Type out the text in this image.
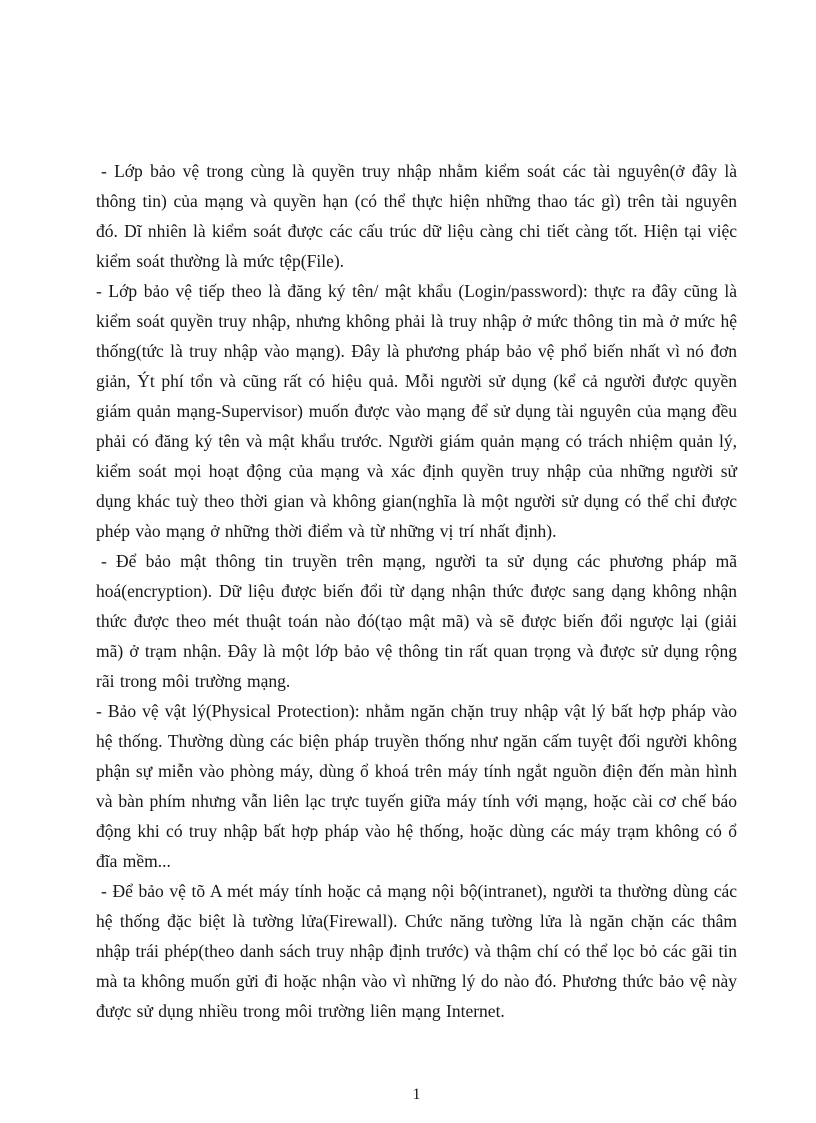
- Lớp bảo vệ trong cùng là quyền truy nhập nhằm kiểm soát các tài nguyên(ở đây là thông tin) của mạng và quyền hạn (có thể thực hiện những thao tác gì) trên tài nguyên đó. Dĩ nhiên là kiểm soát được các cấu trúc dữ liệu càng chi tiết càng tốt. Hiện tại việc kiểm soát thường là mức tệp(File).

- Lớp bảo vệ tiếp theo là đăng ký tên/ mật khẩu (Login/password): thực ra đây cũng là kiểm soát quyền truy nhập, nhưng không phải là truy nhập ở mức thông tin mà ở mức hệ thống(tức là truy nhập vào mạng). Đây là phương pháp bảo vệ phổ biến nhất vì nó đơn giản, Ýt phí tổn và cũng rất có hiệu quả. Mỗi người sử dụng (kể cả người được quyền giám quản mạng-Supervisor) muốn được vào mạng để sử dụng tài nguyên của mạng đều phải có đăng ký tên và mật khẩu trước. Người giám quản mạng có trách nhiệm quản lý, kiểm soát mọi hoạt động của mạng và xác định quyền truy nhập của những người sử dụng khác tuỳ theo thời gian và không gian(nghĩa là một người sử dụng có thể chỉ được phép vào mạng ở những thời điểm và từ những vị trí nhất định).

- Để bảo mật thông tin truyền trên mạng, người ta sử dụng các phương pháp mã hoá(encryption). Dữ liệu được biến đổi từ dạng nhận thức được sang dạng không nhận thức được theo mét thuật toán nào đó(tạo mật mã) và sẽ được biến đổi ngược lại (giải mã) ở trạm nhận. Đây là một lớp bảo vệ thông tin rất quan trọng và được sử dụng rộng rãi trong môi trường mạng.

- Bảo vệ vật lý(Physical Protection): nhằm ngăn chặn truy nhập vật lý bất hợp pháp vào hệ thống. Thường dùng các biện pháp truyền thống như ngăn cấm tuyệt đối người không phận sự miễn vào phòng máy, dùng ổ khoá trên máy tính ngắt nguồn điện đến màn hình và bàn phím nhưng vẫn liên lạc trực tuyến giữa máy tính với mạng, hoặc cài cơ chế báo động khi có truy nhập bất hợp pháp vào hệ thống, hoặc dùng các máy trạm không có ổ đĩa mềm...

- Để bảo vệ tõ A mét máy tính hoặc cả mạng nội bộ(intranet), người ta thường dùng các hệ thống đặc biệt là tường lửa(Firewall). Chức năng tường lửa là ngăn chặn các thâm nhập trái phép(theo danh sách truy nhập định trước) và thậm chí có thể lọc bỏ các gãi tin mà ta không muốn gửi đi hoặc nhận vào vì những lý do nào đó. Phương thức bảo vệ này được sử dụng nhiều trong môi trường liên mạng Internet.

1
